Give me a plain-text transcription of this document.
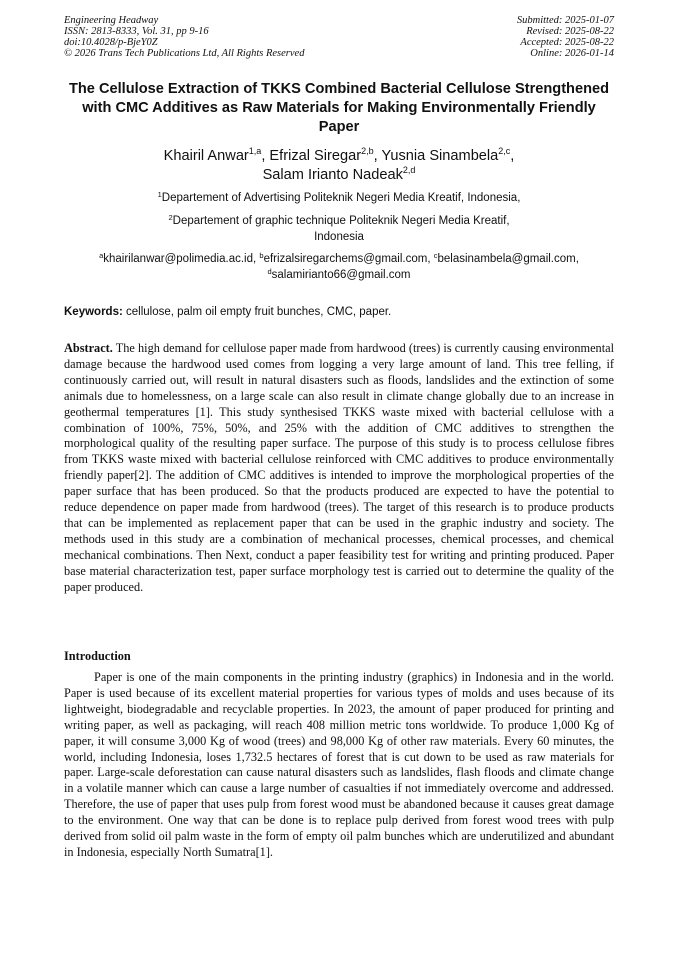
Engineering Headway
ISSN: 2813-8333, Vol. 31, pp 9-16
doi:10.4028/p-BjeY0Z
© 2026 Trans Tech Publications Ltd, All Rights Reserved
Submitted: 2025-01-07
Revised: 2025-08-22
Accepted: 2025-08-22
Online: 2026-01-14
The Cellulose Extraction of TKKS Combined Bacterial Cellulose Strengthened with CMC Additives as Raw Materials for Making Environmentally Friendly Paper
Khairil Anwar$^{1,a}$, Efrizal Siregar$^{2,b}$, Yusnia Sinambela$^{2,c}$,
Salam Irianto Nadeak$^{2,d}$
$^1$Departement of Advertising Politeknik Negeri Media Kreatif, Indonesia,
$^2$Departement of graphic technique Politeknik Negeri Media Kreatif, Indonesia
$^a$khairilanwar@polimedia.ac.id, $^b$efrizalsiregarchems@gmail.com, $^c$belasinambela@gmail.com,
$^d$salamirianto66@gmail.com
Keywords: cellulose, palm oil empty fruit bunches, CMC, paper.
Abstract. The high demand for cellulose paper made from hardwood (trees) is currently causing environmental damage because the hardwood used comes from logging a very large amount of land. This tree felling, if continuously carried out, will result in natural disasters such as floods, landslides and the extinction of some animals due to homelessness, on a large scale can also result in climate change globally due to an increase in geothermal temperatures [1]. This study synthesised TKKS waste mixed with bacterial cellulose with a combination of 100%, 75%, 50%, and 25% with the addition of CMC additives to strengthen the morphological quality of the resulting paper surface. The purpose of this study is to process cellulose fibres from TKKS waste mixed with bacterial cellulose reinforced with CMC additives to produce environmentally friendly paper[2]. The addition of CMC additives is intended to improve the morphological properties of the paper surface that has been produced. So that the products produced are expected to have the potential to reduce dependence on paper made from hardwood (trees). The target of this research is to produce products that can be implemented as replacement paper that can be used in the graphic industry and society. The methods used in this study are a combination of mechanical processes, chemical processes, and chemical mechanical combinations. Then Next, conduct a paper feasibility test for writing and printing produced. Paper base material characterization test, paper surface morphology test is carried out to determine the quality of the paper produced.
Introduction
Paper is one of the main components in the printing industry (graphics) in Indonesia and in the world. Paper is used because of its excellent material properties for various types of molds and uses because of its lightweight, biodegradable and recyclable properties. In 2023, the amount of paper produced for printing and writing paper, as well as packaging, will reach 408 million metric tons worldwide. To produce 1,000 Kg of paper, it will consume 3,000 Kg of wood (trees) and 98,000 Kg of other raw materials. Every 60 minutes, the world, including Indonesia, loses 1,732.5 hectares of forest that is cut down to be used as raw materials for paper. Large-scale deforestation can cause natural disasters such as landslides, flash floods and climate change in a volatile manner which can cause a large number of casualties if not immediately overcome and addressed. Therefore, the use of paper that uses pulp from forest wood must be abandoned because it causes great damage to the environment. One way that can be done is to replace pulp derived from forest wood trees with pulp derived from solid oil palm waste in the form of empty oil palm bunches which are underutilized and abundant in Indonesia, especially North Sumatra[1].
